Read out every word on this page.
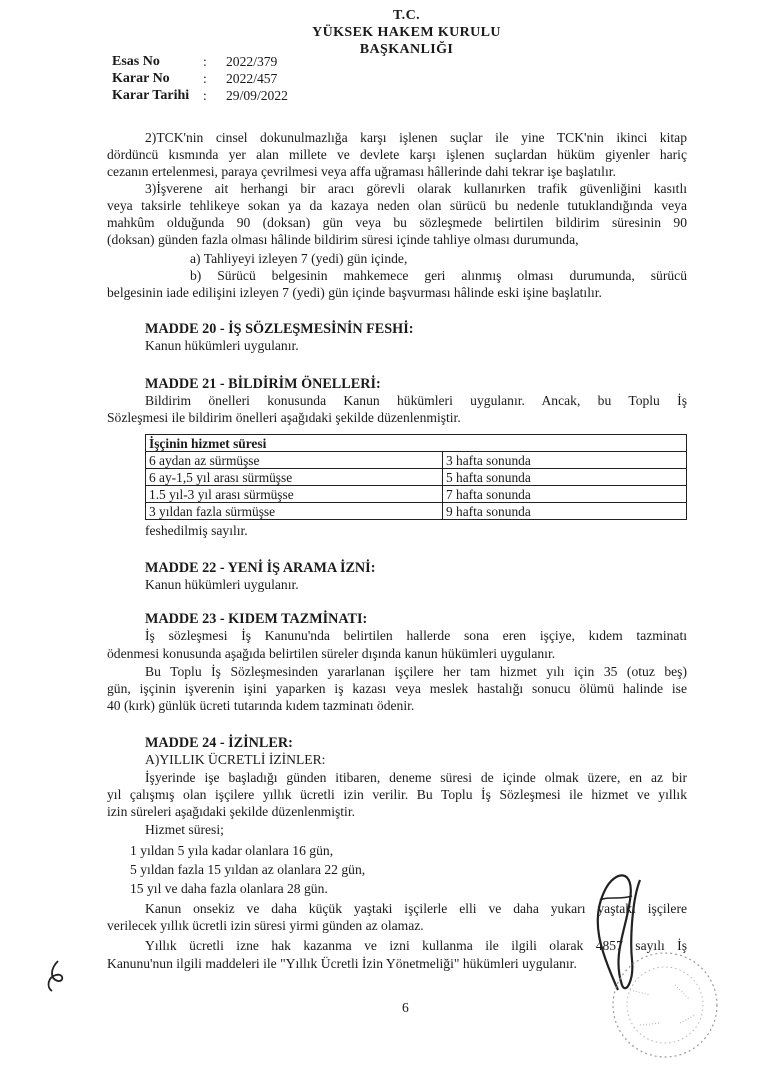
T.C.
YÜKSEK HAKEM KURULU
BAŞKANLIĞI
Esas No	: 2022/379
Karar No : 2022/457
Karar Tarihi : 29/09/2022
2)TCK'nin cinsel dokunulmazlığa karşı işlenen suçlar ile yine TCK'nin ikinci kitap
dördüncü kısmında yer alan millete ve devlete karşı işlenen suçlardan hüküm giyenler hariç
cezanın ertelenmesi, paraya çevrilmesi veya affa uğraması hâllerinde dahi tekrar işe başlatılır.
3)İşverene ait herhangi bir aracı görevli olarak kullanırken trafik güvenliğini kasıtlı
veya taksirle tehlikeye sokan ya da kazaya neden olan sürücü bu nedenle tutuklandığında veya
mahkûm olduğunda 90 (doksan) gün veya bu sözleşmede belirtilen bildirim süresinin 90
(doksan) günden fazla olması hâlinde bildirim süresi içinde tahliye olması durumunda,
a) Tahliyeyi izleyen 7 (yedi) gün içinde,
b) Sürücü belgesinin mahkemece geri alınmış olması durumunda, sürücü
belgesinin iade edilişini izleyen 7 (yedi) gün içinde başvurması hâlinde eski işine başlatılır.
MADDE 20 - İŞ SÖZLEŞMESİNİN FESHİ:
Kanun hükümleri uygulanır.
MADDE 21 - BİLDİRİM ÖNELLERİ:
Bildirim önelleri konusunda Kanun hükümleri uygulanır. Ancak, bu Toplu İş
Sözleşmesi ile bildirim önelleri aşağıdaki şekilde düzenlenmiştir.
İşçinin hizmet süresi	
6 aydan az sürmüşse	3 hafta sonunda
6 ay-1,5 yıl arası sürmüşse	5 hafta sonunda
1.5 yıl-3 yıl arası sürmüşse	7 hafta sonunda
3 yıldan fazla sürmüşse	9 hafta sonunda
feshedilmiş sayılır.
MADDE 22 - YENİ İŞ ARAMA İZNİ:
Kanun hükümleri uygulanır.
MADDE 23 - KIDEM TAZMİNATI:
İş sözleşmesi İş Kanunu'nda belirtilen hallerde sona eren işçiye, kıdem tazminatı
ödenmesi konusunda aşağıda belirtilen süreler dışında kanun hükümleri uygulanır.
Bu Toplu İş Sözleşmesinden yararlanan işçilere her tam hizmet yılı için 35 (otuz beş)
gün, işçinin işverenin işini yaparken iş kazası veya meslek hastalığı sonucu ölümü halinde ise
40 (kırk) günlük ücreti tutarında kıdem tazminatı ödenir.
MADDE 24 - İZİNLER:
A)YILLIK ÜCRETLİ İZİNLER:
İşyerinde işe başladığı günden itibaren, deneme süresi de içinde olmak üzere, en az bir
yıl çalışmış olan işçilere yıllık ücretli izin verilir. Bu Toplu İş Sözleşmesi ile hizmet ve yıllık
izin süreleri aşağıdaki şekilde düzenlenmiştir.
Hizmet süresi;
1 yıldan 5 yıla kadar olanlara 16 gün,
5 yıldan fazla 15 yıldan az olanlara 22 gün,
15 yıl ve daha fazla olanlara 28 gün.
Kanun onsekiz ve daha küçük yaştaki işçilerle elli ve daha yukarı yaştaki işçilere
verilecek yıllık ücretli izin süresi yirmi günden az olamaz.
Yıllık ücretli izne hak kazanma ve izni kullanma ile ilgili olarak 4857 sayılı İş
Kanunu'nun ilgili maddeleri ile "Yıllık Ücretli İzin Yönetmeliği" hükümleri uygulanır.
6
